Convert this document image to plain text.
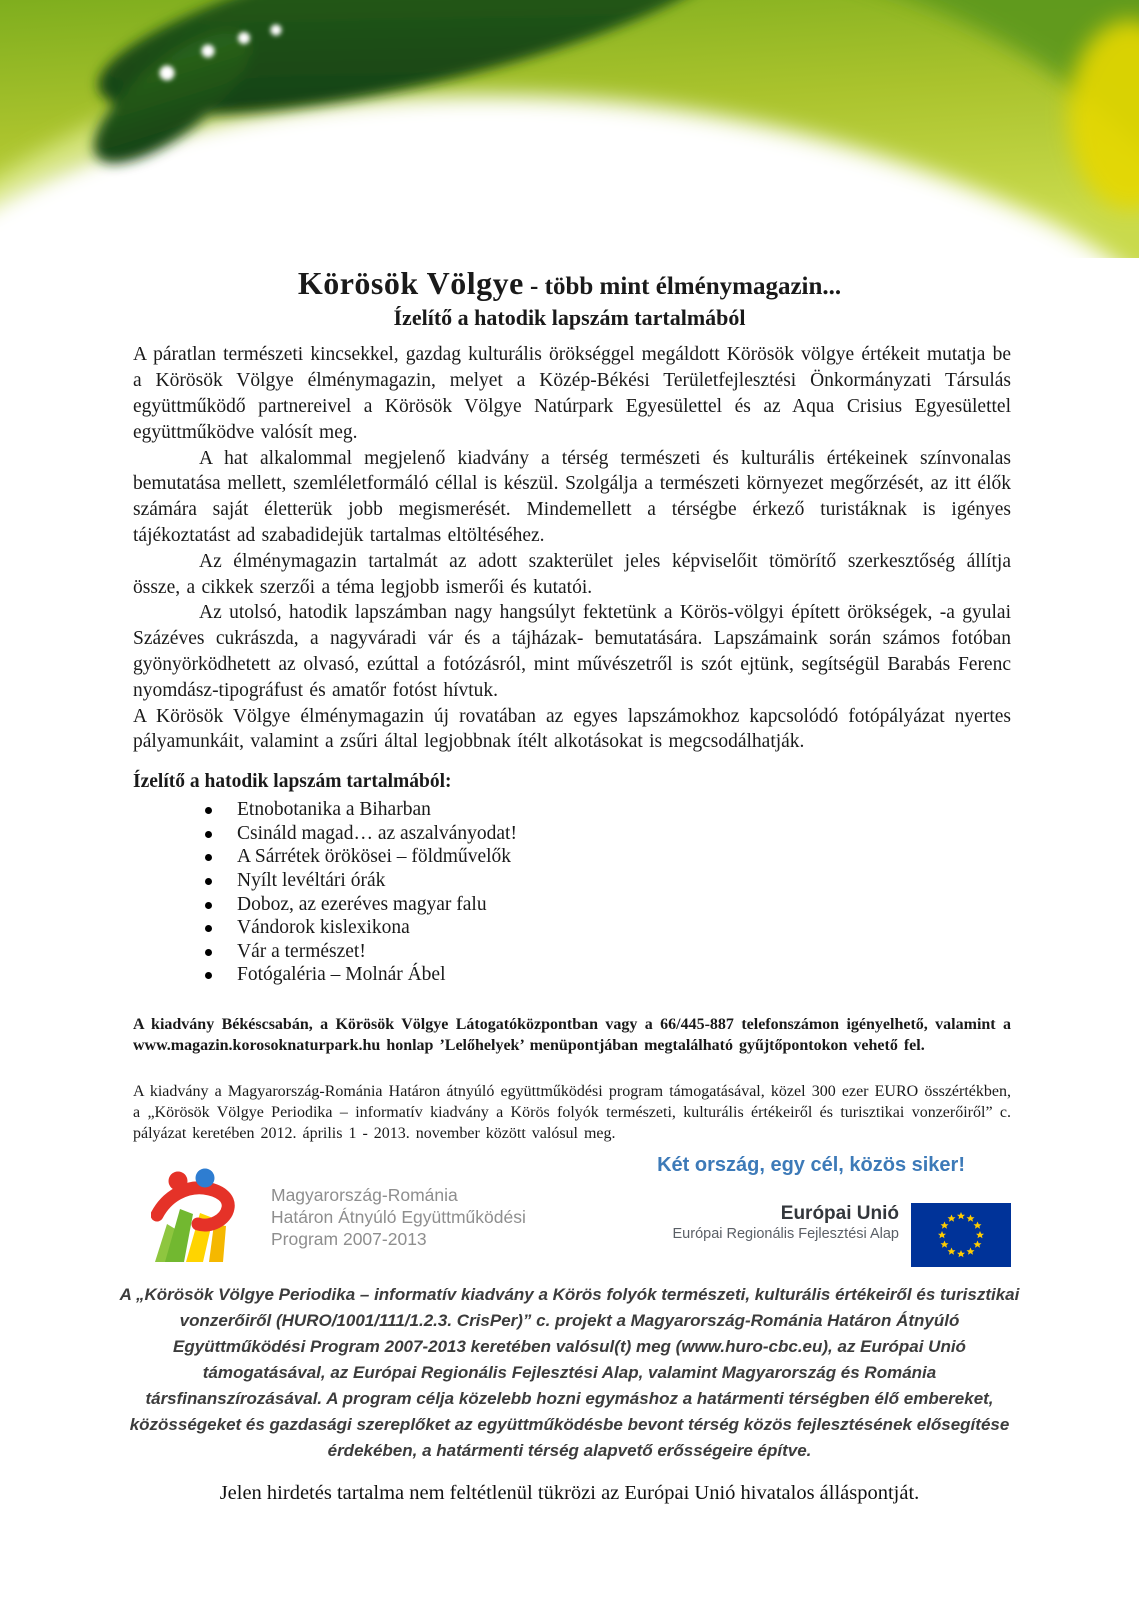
Körösök Völgye - több mint élménymagazin...
Ízelítő a hatodik lapszám tartalmából

A páratlan természeti kincsekkel, gazdag kulturális örökséggel megáldott Körösök völgye értékeit mutatja be a Körösök Völgye élménymagazin, melyet a Közép-Békési Területfejlesztési Önkormányzati Társulás együttműködő partnereivel a Körösök Völgye Natúrpark Egyesülettel és az Aqua Crisius Egyesülettel együttműködve valósít meg.

A hat alkalommal megjelenő kiadvány a térség természeti és kulturális értékeinek színvonalas bemutatása mellett, szemléletformáló céllal is készül. Szolgálja a természeti környezet megőrzését, az itt élők számára saját életterük jobb megismerését. Mindemellett a térségbe érkező turistáknak is igényes tájékoztatást ad szabadidejük tartalmas eltöltéséhez.

Az élménymagazin tartalmát az adott szakterület jeles képviselőit tömörítő szerkesztőség állítja össze, a cikkek szerzői a téma legjobb ismerői és kutatói.

Az utolsó, hatodik lapszámban nagy hangsúlyt fektetünk a Körös-völgyi épített örökségek, -a gyulai Százéves cukrászda, a nagyváradi vár és a tájházak- bemutatására. Lapszámaink során számos fotóban gyönyörködhetett az olvasó, ezúttal a fotózásról, mint művészetről is szót ejtünk, segítségül Barabás Ferenc nyomdász-tipográfust és amatőr fotóst hívtuk.

A Körösök Völgye élménymagazin új rovatában az egyes lapszámokhoz kapcsolódó fotópályázat nyertes pályamunkáit, valamint a zsűri által legjobbnak ítélt alkotásokat is megcsodálhatják.

Ízelítő a hatodik lapszám tartalmából:
Etnobotanika a Biharban
Csináld magad… az aszalványodat!
A Sárrétek örökösei – földművelők
Nyílt levéltári órák
Doboz, az ezeréves magyar falu
Vándorok kislexikona
Vár a természet!
Fotógaléria – Molnár Ábel

A kiadvány Békéscsabán, a Körösök Völgye Látogatóközpontban vagy a 66/445-887 telefonszámon igényelhető, valamint a www.magazin.korosoknaturpark.hu honlap ’Lelőhelyek’ menüpontjában megtalálható gyűjtőpontokon vehető fel.

A kiadvány a Magyarország-Románia Határon átnyúló együttműködési program támogatásával, közel 300 ezer EURO összértékben, a „Körösök Völgye Periodika – informatív kiadvány a Körös folyók természeti, kulturális értékeiről és turisztikai vonzerőiről” c. pályázat keretében 2012. április 1 - 2013. november között valósul meg.

Magyarország-Románia
Határon Átnyúló Együttműködési
Program 2007-2013
Két ország, egy cél, közös siker!
Európai Unió
Európai Regionális Fejlesztési Alap

A „Körösök Völgye Periodika – informatív kiadvány a Körös folyók természeti, kulturális értékeiről és turisztikai vonzerőiről (HURO/1001/111/1.2.3. CrisPer)” c. projekt a Magyarország-Románia Határon Átnyúló Együttműködési Program 2007-2013 keretében valósul(t) meg (www.huro-cbc.eu), az Európai Unió támogatásával, az Európai Regionális Fejlesztési Alap, valamint Magyarország és Románia társfinanszírozásával. A program célja közelebb hozni egymáshoz a határmenti térségben élő embereket, közösségeket és gazdasági szereplőket az együttműködésbe bevont térség közös fejlesztésének elősegítése érdekében, a határmenti térség alapvető erősségeire építve.

Jelen hirdetés tartalma nem feltétlenül tükrözi az Európai Unió hivatalos álláspontját.
